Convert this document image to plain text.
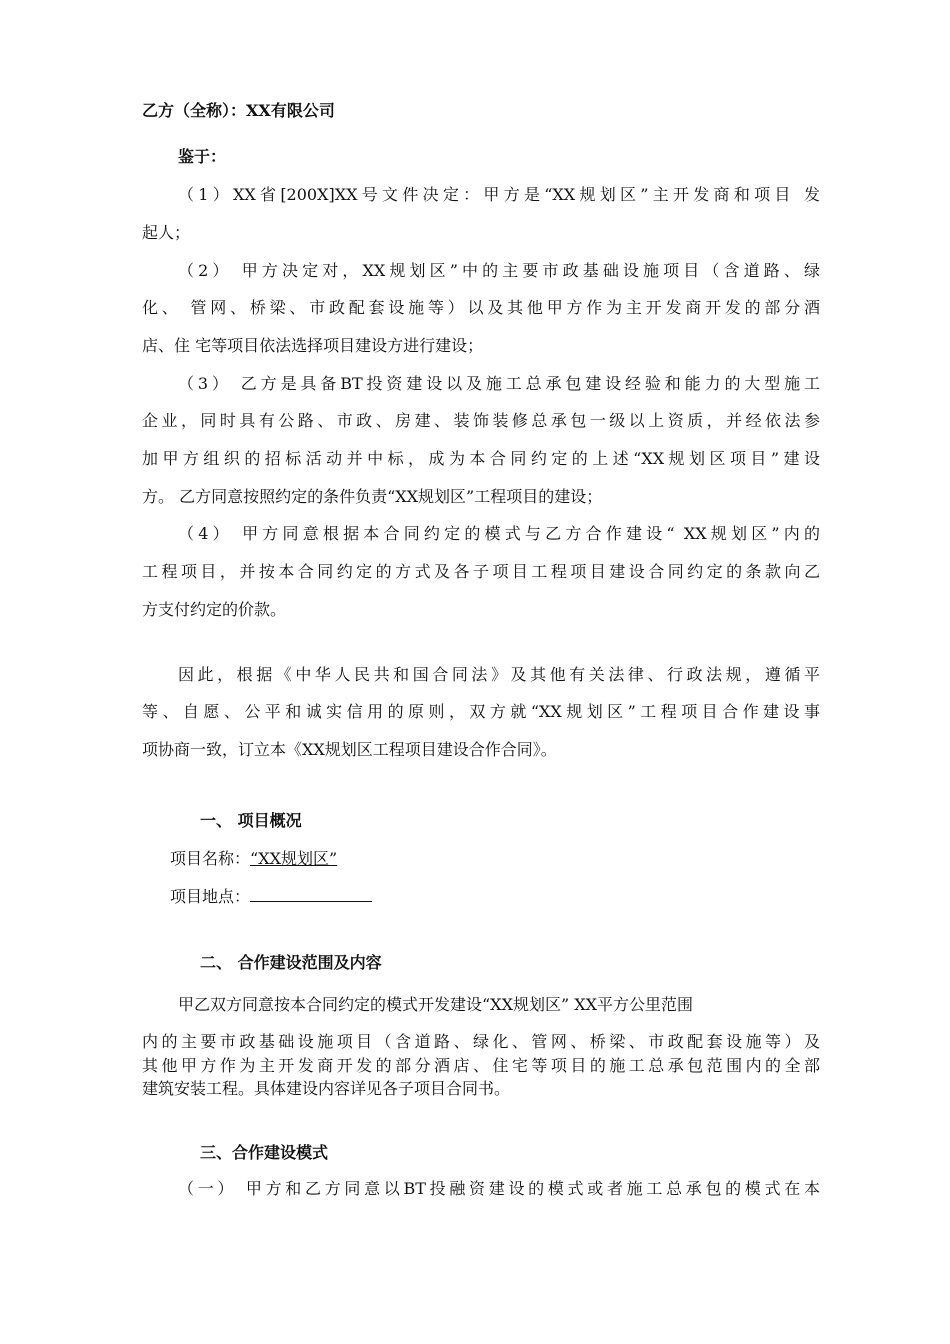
乙方（全称）：XX有限公司
鉴于：
（1）XX省[200X]XX号文件决定：甲方是“XX规划区”主开发商和项目 发
起人；
（2） 甲方决定对，XX规划区”中的主要市政基础设施项目（含道路、绿
化、 管网、桥梁、市政配套设施等）以及其他甲方作为主开发商开发的部分酒
店、住 宅等项目依法选择项目建设方进行建设；
（3） 乙方是具备BT投资建设以及施工总承包建设经验和能力的大型施工
企业，同时具有公路、市政、房建、装饰装修总承包一级以上资质，并经依法参
加甲方组织的招标活动并中标，成为本合同约定的上述“XX规划区项目”建设
方。 乙方同意按照约定的条件负责“XX规划区”工程项目的建设；
（4） 甲方同意根据本合同约定的模式与乙方合作建设“ XX规划区”内的
工程项目，并按本合同约定的方式及各子项目工程项目建设合同约定的条款向乙
方支付约定的价款。
因此，根据《中华人民共和国合同法》及其他有关法律、行政法规，遵循平
等、自愿、公平和诚实信用的原则，双方就“XX规划区”工程项目合作建设事
项协商一致，订立本《XX规划区工程项目建设合作合同》。
一、 项目概况
项目名称：“XX规划区”
项目地点：
二、 合作建设范围及内容
甲乙双方同意按本合同约定的模式开发建设“XX规划区” XX平方公里范围
内的主要市政基础设施项目（含道路、绿化、管网、桥梁、市政配套设施等）及
其他甲方作为主开发商开发的部分酒店、住宅等项目的施工总承包范围内的全部
建筑安装工程。具体建设内容详见各子项目合同书。
三、合作建设模式
（一） 甲方和乙方同意以BT投融资建设的模式或者施工总承包的模式在本
